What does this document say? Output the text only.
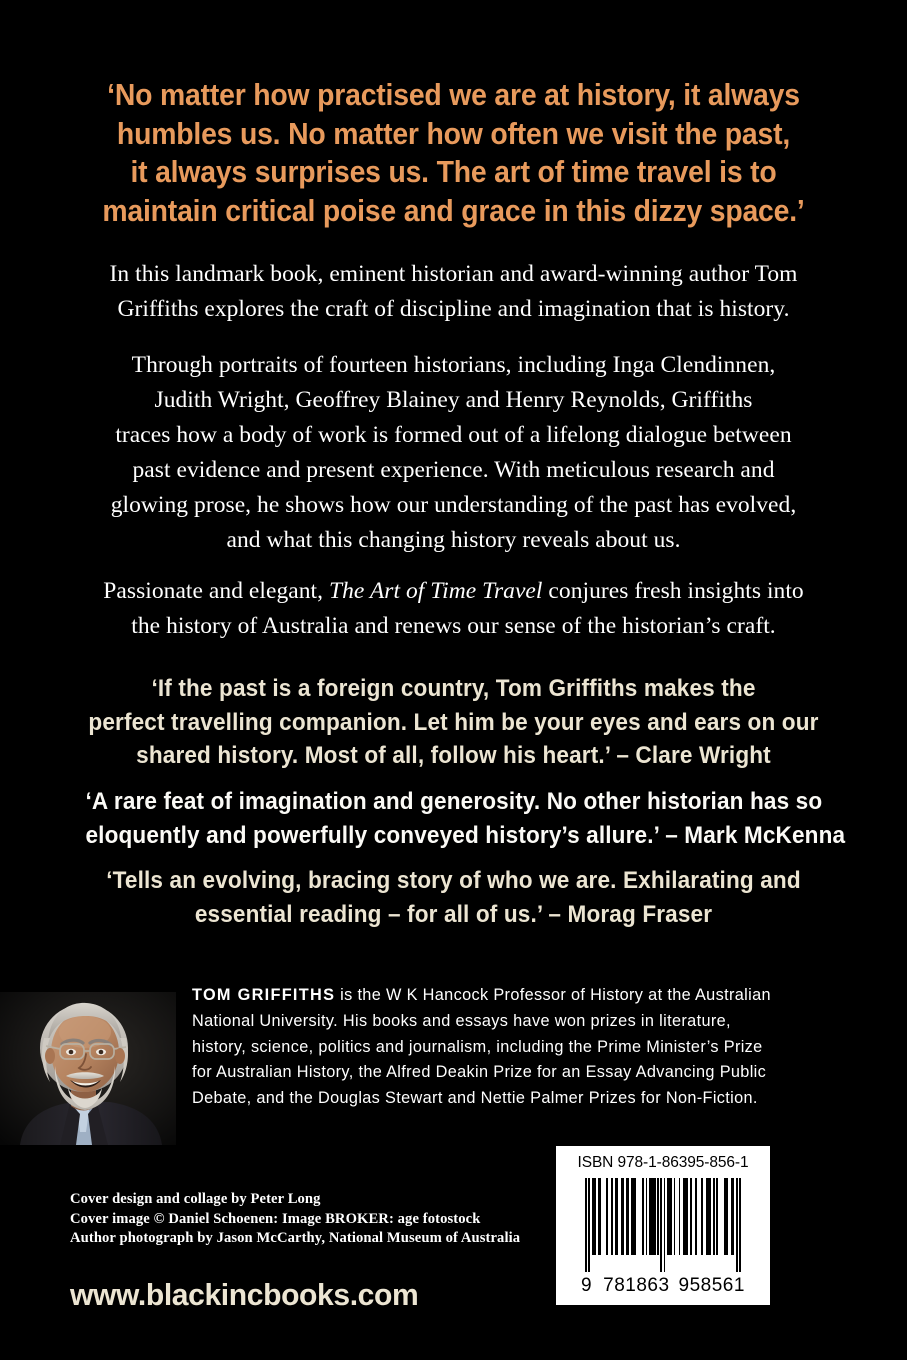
‘No matter how practised we are at history, it always
humbles us. No matter how often we visit the past,
it always surprises us. The art of time travel is to
maintain critical poise and grace in this dizzy space.’
In this landmark book, eminent historian and award-winning author Tom
Griffiths explores the craft of discipline and imagination that is history.
Through portraits of fourteen historians, including Inga Clendinnen,
Judith Wright, Geoffrey Blainey and Henry Reynolds, Griffiths
traces how a body of work is formed out of a lifelong dialogue between
past evidence and present experience. With meticulous research and
glowing prose, he shows how our understanding of the past has evolved,
and what this changing history reveals about us.
Passionate and elegant, The Art of Time Travel conjures fresh insights into
the history of Australia and renews our sense of the historian’s craft.
‘If the past is a foreign country, Tom Griffiths makes the
perfect travelling companion. Let him be your eyes and ears on our
shared history. Most of all, follow his heart.’ – Clare Wright
‘A rare feat of imagination and generosity. No other historian has so
eloquently and powerfully conveyed history’s allure.’ – Mark McKenna
‘Tells an evolving, bracing story of who we are. Exhilarating and
essential reading – for all of us.’ – Morag Fraser
TOM GRIFFITHS is the W K Hancock Professor of History at the Australian
National University. His books and essays have won prizes in literature,
history, science, politics and journalism, including the Prime Minister’s Prize
for Australian History, the Alfred Deakin Prize for an Essay Advancing Public
Debate, and the Douglas Stewart and Nettie Palmer Prizes for Non-Fiction.
Cover design and collage by Peter Long
Cover image © Daniel Schoenen: Image BROKER: age fotostock
Author photograph by Jason McCarthy, National Museum of Australia
www.blackincbooks.com
ISBN 978-1-86395-856-1
9 781863 958561
